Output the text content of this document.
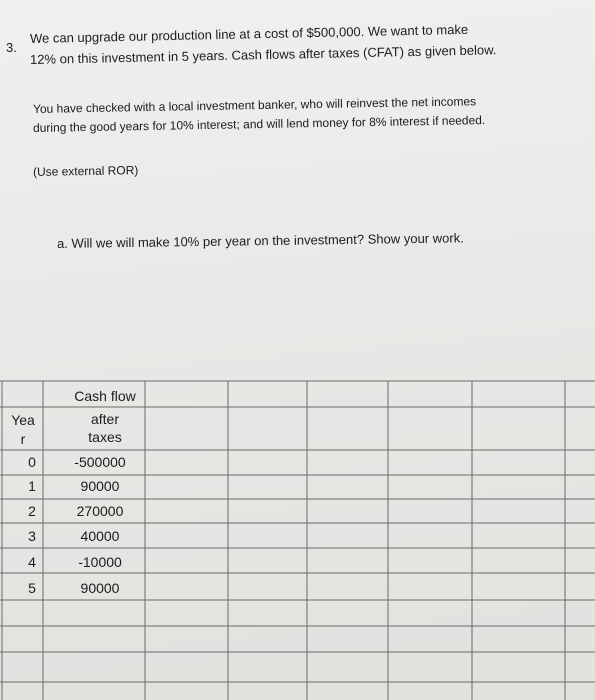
3.
We can upgrade our production line at a cost of $500,000. We want to make
12% on this investment in 5 years. Cash flows after taxes (CFAT) as given below.
You have checked with a local investment banker, who will reinvest the net incomes
during the good years for 10% interest; and will lend money for 8% interest if needed.
(Use external ROR)
a. Will we will make 10% per year on the investment? Show your work.
Yea
r
Cash flow
after
taxes
0
1
2
3
4
5
-500000
90000
270000
40000
-10000
90000
